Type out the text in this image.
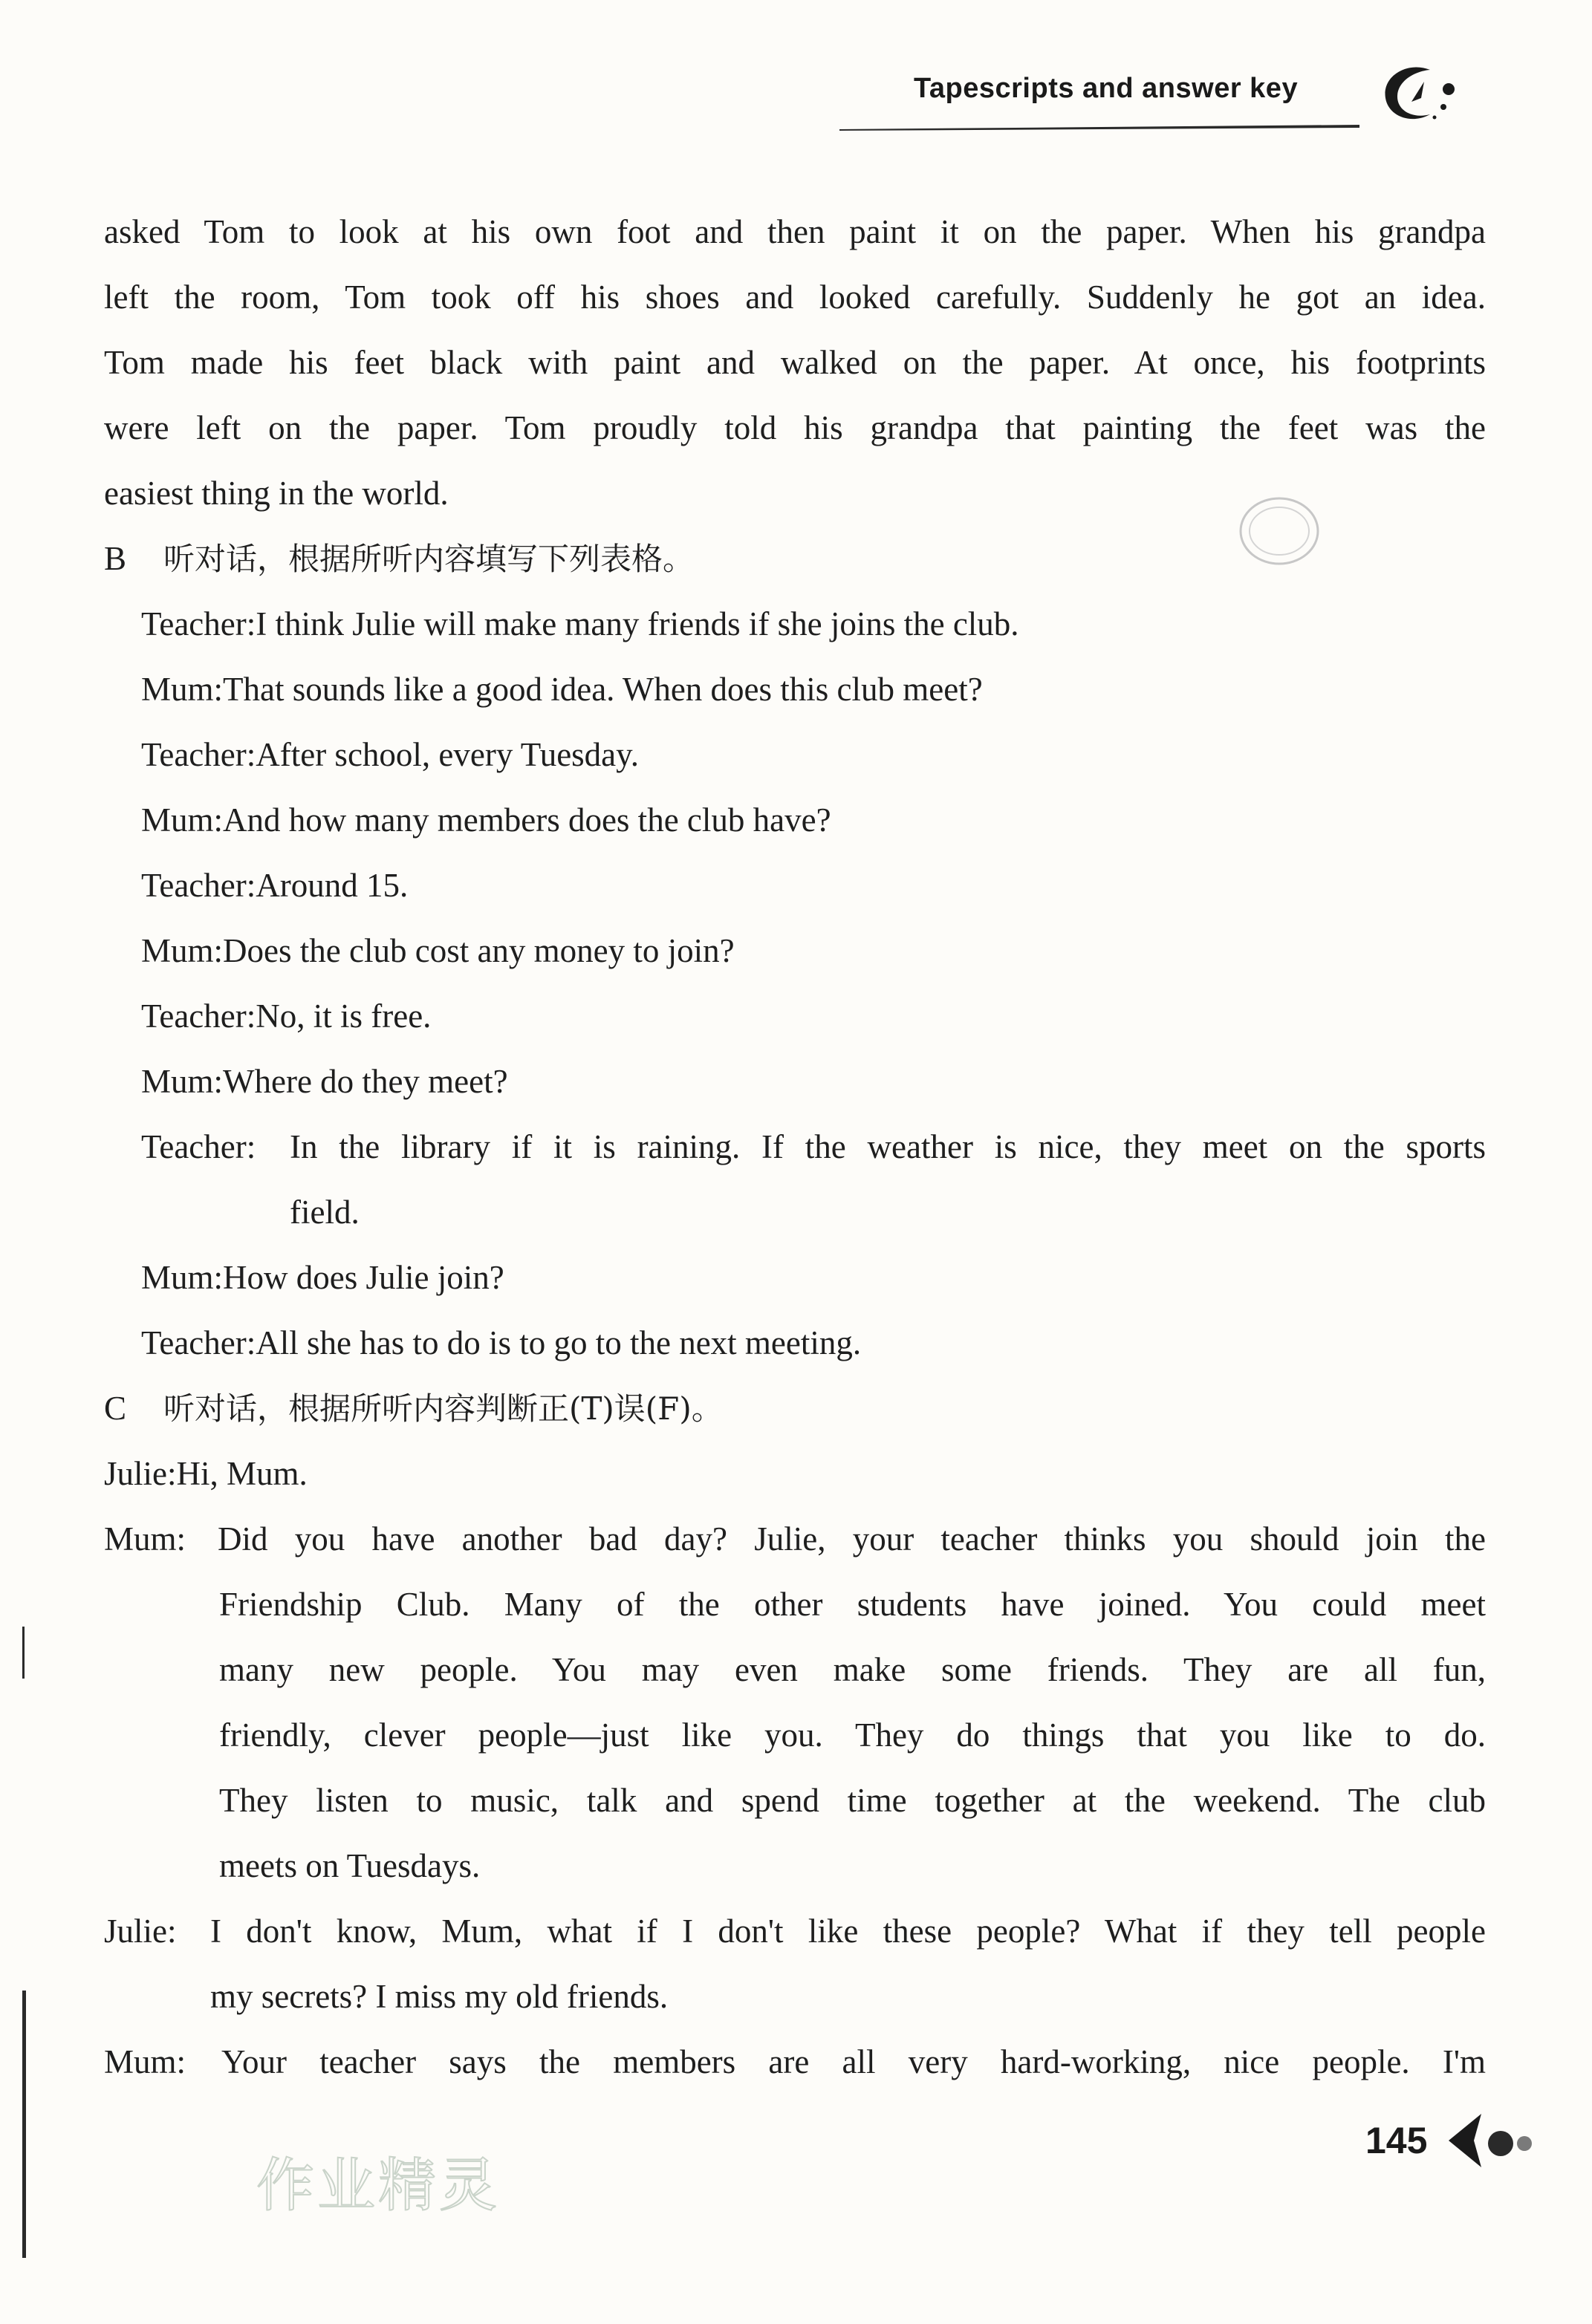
Tapescripts and answer key
asked Tom to look at his own foot and then paint it on the paper. When his grandpa
left the room, Tom took off his shoes and looked carefully. Suddenly he got an idea.
Tom made his feet black with paint and walked on the paper. At once, his footprints
were left on the paper. Tom proudly told his grandpa that painting the feet was the
easiest thing in the world.
B 听对话，根据所听内容填写下列表格。
Teacher: I think Julie will make many friends if she joins the club.
Mum: That sounds like a good idea. When does this club meet?
Teacher: After school, every Tuesday.
Mum: And how many members does the club have?
Teacher: Around 15.
Mum: Does the club cost any money to join?
Teacher: No, it is free.
Mum: Where do they meet?
Teacher:	In the library if it is raining. If the weather is nice, they meet on the sports
field.
Mum: How does Julie join?
Teacher: All she has to do is to go to the next meeting.
C 听对话，根据所听内容判断正(T)误(F)。
Julie: Hi, Mum.
Mum: Did you have another bad day? Julie, your teacher thinks you should join the
Friendship Club. Many of the other students have joined. You could meet
many new people. You may even make some friends. They are all fun,
friendly, clever people—just like you. They do things that you like to do.
They listen to music, talk and spend time together at the weekend. The club
meets on Tuesdays.
Julie:	I don't know, Mum, what if I don't like these people? What if they tell people
my secrets? I miss my old friends.
Mum:	Your teacher says the members are all very hard-working, nice people. I'm
作业精灵
145
